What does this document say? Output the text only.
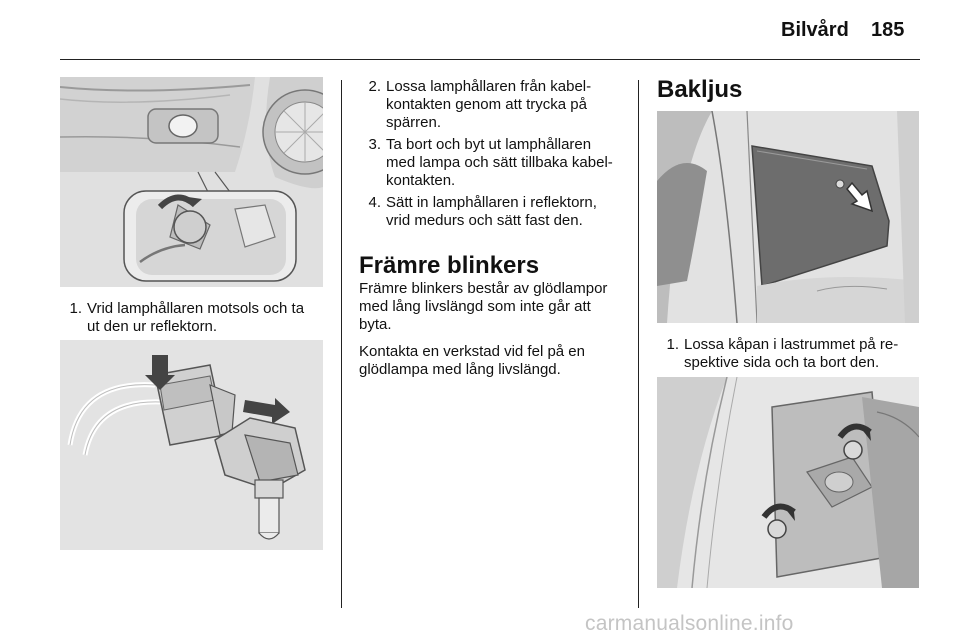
Bilvård 185
1. Vrid lamphållaren motsols och ta
ut den ur reflektorn.
2. Lossa lamphållaren från kabel-
kontakten genom att trycka på
spärren.
3. Ta bort och byt ut lamphållaren
med lampa och sätt tillbaka kabel-
kontakten.
4. Sätt in lamphållaren i reflektorn,
vrid medurs och sätt fast den.
Främre blinkers
Främre blinkers består av glödlampor
med lång livslängd som inte går att
byta.
Kontakta en verkstad vid fel på en
glödlampa med lång livslängd.
Bakljus
1. Lossa kåpan i lastrummet på re-
spektive sida och ta bort den.
carmanualsonline.info
